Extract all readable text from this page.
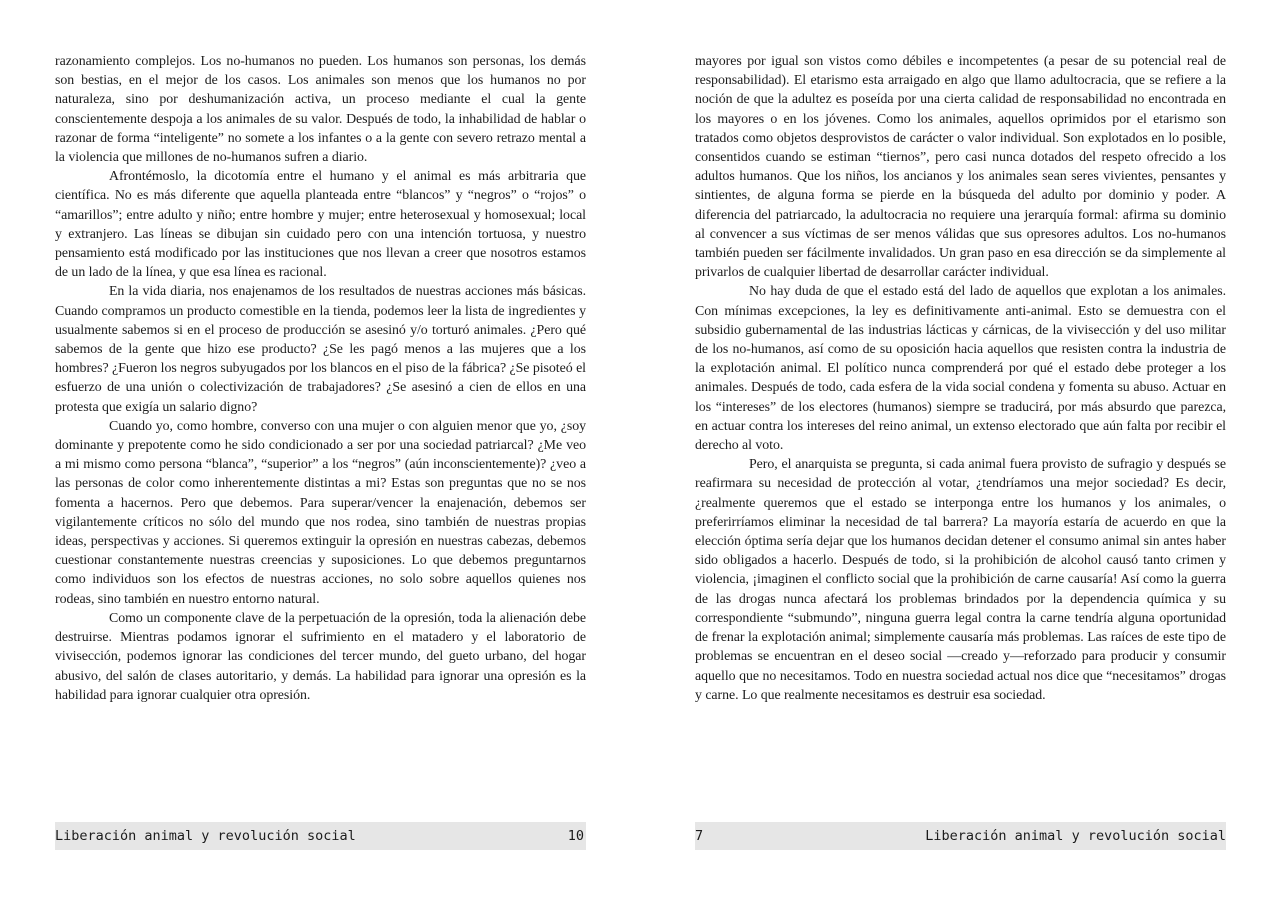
razonamiento complejos. Los no-humanos no pueden. Los humanos son personas, los demás son bestias, en el mejor de los casos. Los animales son menos que los humanos no por naturaleza, sino por deshumanización activa, un proceso mediante el cual la gente conscientemente despoja a los animales de su valor. Después de todo, la inhabilidad de hablar o razonar de forma “inteligente” no somete a los infantes o a la gente con severo retrazo mental a la violencia que millones de no-humanos sufren a diario.

Afrontémoslo, la dicotomía entre el humano y el animal es más arbitraria que científica. No es más diferente que aquella planteada entre “blancos” y “negros” o “rojos” o “amarillos”; entre adulto y niño; entre hombre y mujer; entre heterosexual y homosexual; local y extranjero. Las líneas se dibujan sin cuidado pero con una intención tortuosa, y nuestro pensamiento está modificado por las instituciones que nos llevan a creer que nosotros estamos de un lado de la línea, y que esa línea es racional.

En la vida diaria, nos enajenamos de los resultados de nuestras acciones más básicas. Cuando compramos un producto comestible en la tienda, podemos leer la lista de ingredientes y usualmente sabemos si en el proceso de producción se asesinó y/o torturó animales. ¿Pero qué sabemos de la gente que hizo ese producto? ¿Se les pagó menos a las mujeres que a los hombres? ¿Fueron los negros subyugados por los blancos en el piso de la fábrica? ¿Se pisoteó el esfuerzo de una unión o colectivización de trabajadores? ¿Se asesinó a cien de ellos en una protesta que exigía un salario digno?

Cuando yo, como hombre, converso con una mujer o con alguien menor que yo, ¿soy dominante y prepotente como he sido condicionado a ser por una sociedad patriarcal? ¿Me veo a mi mismo como persona “blanca”, “superior” a los “negros” (aún inconscientemente)? ¿veo a las personas de color como inherentemente distintas a mi? Estas son preguntas que no se nos fomenta a hacernos. Pero que debemos. Para superar/vencer la enajenación, debemos ser vigilantemente críticos no sólo del mundo que nos rodea, sino también de nuestras propias ideas, perspectivas y acciones. Si queremos extinguir la opresión en nuestras cabezas, debemos cuestionar constantemente nuestras creencias y suposiciones. Lo que debemos preguntarnos como individuos son los efectos de nuestras acciones, no solo sobre aquellos quienes nos rodeas, sino también en nuestro entorno natural.

Como un componente clave de la perpetuación de la opresión, toda la alienación debe destruirse. Mientras podamos ignorar el sufrimiento en el matadero y el laboratorio de vivisección, podemos ignorar las condiciones del tercer mundo, del gueto urbano, del hogar abusivo, del salón de clases autoritario, y demás. La habilidad para ignorar una opresión es la habilidad para ignorar cualquier otra opresión.

mayores por igual son vistos como débiles e incompetentes (a pesar de su potencial real de responsabilidad). El etarismo esta arraigado en algo que llamo adultocracia, que se refiere a la noción de que la adultez es poseída por una cierta calidad de responsabilidad no encontrada en los mayores o en los jóvenes. Como los animales, aquellos oprimidos por el etarismo son tratados como objetos desprovistos de carácter o valor individual. Son explotados en lo posible, consentidos cuando se estiman “tiernos”, pero casi nunca dotados del respeto ofrecido a los adultos humanos. Que los niños, los ancianos y los animales sean seres vivientes, pensantes y sintientes, de alguna forma se pierde en la búsqueda del adulto por dominio y poder. A diferencia del patriarcado, la adultocracia no requiere una jerarquía formal: afirma su dominio al convencer a sus víctimas de ser menos válidas que sus opresores adultos. Los no-humanos también pueden ser fácilmente invalidados. Un gran paso en esa dirección se da simplemente al privarlos de cualquier libertad de desarrollar carácter individual.

No hay duda de que el estado está del lado de aquellos que explotan a los animales. Con mínimas excepciones, la ley es definitivamente anti-animal. Esto se demuestra con el subsidio gubernamental de las industrias lácticas y cárnicas, de la vivisección y del uso militar de los no-humanos, así como de su oposición hacia aquellos que resisten contra la industria de la explotación animal. El político nunca comprenderá por qué el estado debe proteger a los animales. Después de todo, cada esfera de la vida social condena y fomenta su abuso. Actuar en los “intereses” de los electores (humanos) siempre se traducirá, por más absurdo que parezca, en actuar contra los intereses del reino animal, un extenso electorado que aún falta por recibir el derecho al voto.

Pero, el anarquista se pregunta, si cada animal fuera provisto de sufragio y después se reafirmara su necesidad de protección al votar, ¿tendríamos una mejor sociedad? Es decir, ¿realmente queremos que el estado se interponga entre los humanos y los animales, o preferirríamos eliminar la necesidad de tal barrera? La mayoría estaría de acuerdo en que la elección óptima sería dejar que los humanos decidan detener el consumo animal sin antes haber sido obligados a hacerlo. Después de todo, si la prohibición de alcohol causó tanto crimen y violencia, ¡imaginen el conflicto social que la prohibición de carne causaría! Así como la guerra de las drogas nunca afectará los problemas brindados por la dependencia química y su correspondiente “submundo”, ninguna guerra legal contra la carne tendría alguna oportunidad de frenar la explotación animal; simplemente causaría más problemas. Las raíces de este tipo de problemas se encuentran en el deseo social —creado y—reforzado para producir y consumir aquello que no necesitamos. Todo en nuestra sociedad actual nos dice que “necesitamos” drogas y carne. Lo que realmente necesitamos es destruir esa sociedad.

Liberación animal y revolución social	10	7	Liberación animal y revolución social
